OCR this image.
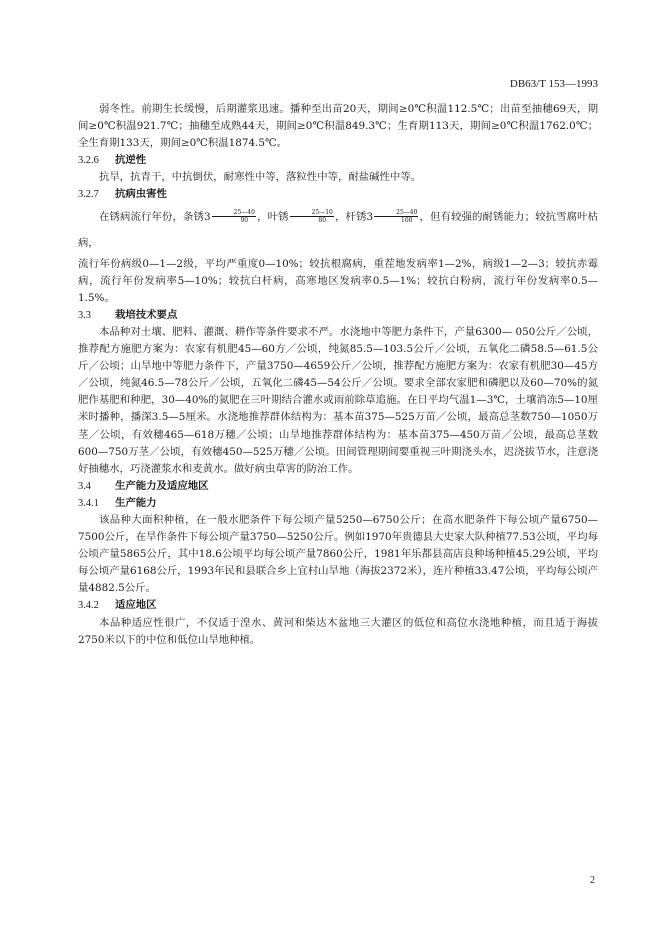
DB63/T 153—1993

弱冬性。前期生长缓慢，后期灌浆迅速。播种至出苗20天，期间≥0℃积温112.5℃；出苗至抽穗69天，期间≥0℃积温921.7℃；抽穗至成熟44天，期间≥0℃积温849.3℃；生育期113天，期间≥0℃积温1762.0℃；全生育期133天，期间≥0℃积温1874.5℃。

3.2.6 抗逆性

抗旱，抗青干，中抗倒伏，耐寒性中等，落粒性中等，耐盐碱性中等。

3.2.7 抗病虫害性

在锈病流行年份，条锈$3 \frac{25—40}{90}$ ，叶锈 $\frac{25—10}{80}$ ，杆锈$3 \frac{25—40}{100}$ ，但有较强的耐锈能力；较抗雪腐叶枯病，

流行年份病级0—1—2级，平均严重度0—10%；较抗根腐病，重茬地发病率1—2%，病级1—2—3；较抗赤霉病，流行年份发病率5—10%；较抗白杆病，高寒地区发病率0.5—1%；较抗白粉病，流行年份发病率0.5—1.5%。

3.3 栽培技术要点

本品种对土壤、肥料、灌溉、耕作等条件要求不严。水浇地中等肥力条件下，产量6300— 050公斤／公顷，推荐配方施肥方案为：农家有机肥45—60方／公顷，纯氮85.5—103.5公斤／公顷，五氧化二磷58.5—61.5公斤／公顷；山旱地中等肥力条件下，产量3750—4659公斤／公顷，推荐配方施肥方案为：农家有机肥30—45方／公顷，纯氮46.5—78公斤／公顷，五氧化二磷45—54公斤／公顷。要求全部农家肥和磷肥以及60—70%的氮肥作基肥和种肥，30—40%的氮肥在三叶期结合灌水或雨前除草追施。在日平均气温1—3℃，土壤消冻5—10厘米时播种，播深3.5—5厘米。水浇地推荐群体结构为：基本苗375—525万苗／公顷，最高总茎数750—1050万茎／公顷，有效穗465—618万穗／公顷；山旱地推荐群体结构为：基本苗375—450万苗／公顷，最高总茎数600—750万茎／公顷，有效穗450—525万穗／公顷。田间管理期间要重视三叶期浇头水，迟浇拔节水，注意浇好抽穗水，巧浇灌浆水和麦黄水。做好病虫草害的防治工作。

3.4 生产能力及适应地区
3.4.1 生产能力

该品种大面积种植，在一般水肥条件下每公顷产量5250—6750公斤；在高水肥条件下每公顷产量6750—7500公斤，在旱作条件下每公顷产量3750—5250公斤。例如1970年贵德县大史家大队种植77.53公顷，平均每公顷产量5865公斤，其中18.6公顷平均每公顷产量7860公斤，1981年乐都县高店良种场种植45.29公顷，平均每公顷产量6168公斤，1993年民和县联合乡上宜村山旱地（海拔2372米），连片种植33.47公顷，平均每公顷产量4882.5公斤。

3.4.2 适应地区

本品种适应性很广，不仅适于湟水、黄河和柴达木盆地三大灌区的低位和高位水浇地种植，而且适于海拔2750米以下的中位和低位山旱地种植。

2
